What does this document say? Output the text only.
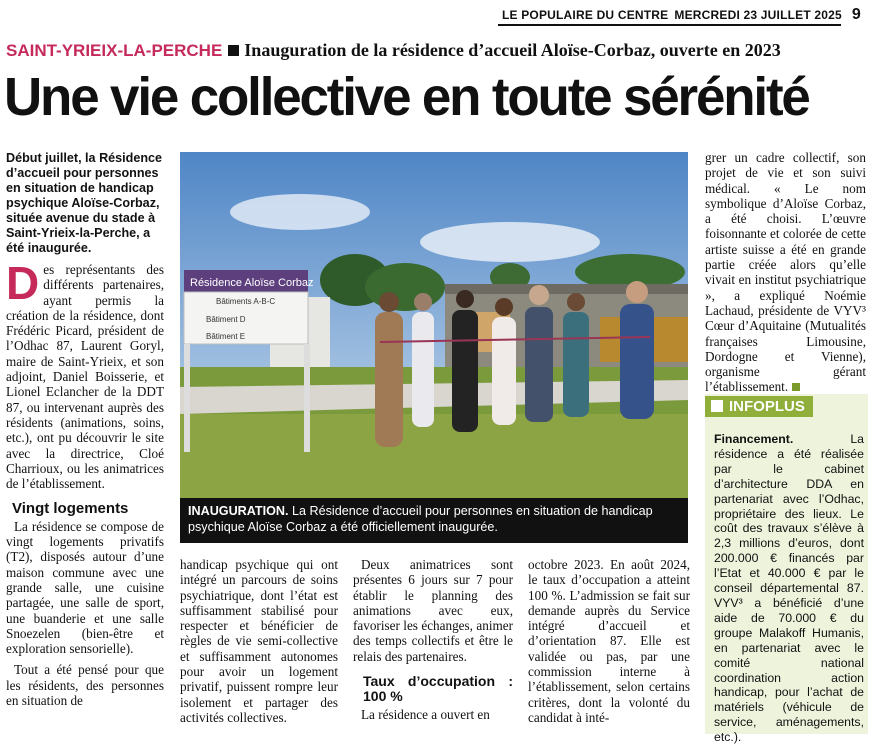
LE POPULAIRE DU CENTRE MERCREDI 23 JUILLET 2025 9
SAINT-YRIEIX-LA-PERCHE Inauguration de la résidence d’accueil Aloïse-Corbaz, ouverte en 2023
Une vie collective en toute sérénité
Début juillet, la Résidence d’accueil pour personnes en situation de handicap psychique Aloïse-Corbaz, située avenue du stade à Saint-Yrieix-la-Perche, a été inaugurée.

Des représentants des différents partenaires, ayant permis la création de la résidence, dont Frédéric Picard, président de l’Odhac 87, Laurent Goryl, maire de Saint-Yrieix, et son adjoint, Daniel Boisserie, et Lionel Eclancher de la DDT 87, ou intervenant auprès des résidents (animations, soins, etc.), ont pu découvrir le site avec la directrice, Cloé Charrioux, ou les animatrices de l’établissement.

Vingt logements

La résidence se compose de vingt logements privatifs (T2), disposés autour d’une maison commune avec une grande salle, une cuisine partagée, une salle de sport, une buanderie et une salle Snoezelen (bien-être et exploration sensorielle).

Tout a été pensé pour que les résidents, des personnes en situation de

Résidence Aloïse Corbaz
Bâtiments A-B-C
Bâtiment D
Bâtiment E
INAUGURATION. La Résidence d’accueil pour personnes en situation de handicap psychique Aloïse Corbaz a été officiellement inaugurée.

handicap psychique qui ont intégré un parcours de soins psychiatrique, dont l’état est suffisamment stabilisé pour respecter et bénéficier de règles de vie semi-collective et suffisamment autonomes pour avoir un logement privatif, puissent rompre leur isolement et partager des activités collectives.

Deux animatrices sont présentes 6 jours sur 7 pour établir le planning des animations avec eux, favoriser les échanges, animer des temps collectifs et être le relais des partenaires.

Taux d’occupation : 100 %

La résidence a ouvert en

octobre 2023. En août 2024, le taux d’occupation a atteint 100 %. L’admission se fait sur demande auprès du Service intégré d’accueil et d’orientation 87. Elle est validée ou pas, par une commission interne à l’établissement, selon certains critères, dont la volonté du candidat à inté-

grer un cadre collectif, son projet de vie et son suivi médical. « Le nom symbolique d’Aloïse Corbaz, a été choisi. L’œuvre foisonnante et colorée de cette artiste suisse a été en grande partie créée alors qu’elle vivait en institut psychiatrique », a expliqué Noémie Lachaud, présidente de VYV³ Cœur d’Aquitaine (Mutualités françaises Limousine, Dordogne et Vienne), organisme gérant l’établissement.

INFOPLUS
Financement.	La résidence a été réalisée par le cabinet d’architecture DDA en partenariat avec l’Odhac, propriétaire des lieux. Le coût des travaux s’élève à 2,3 millions d’euros, dont 200.000 € financés par l’Etat et 40.000 € par le conseil départemental 87. VYV³ a bénéficié d’une aide de 70.000 € du groupe Malakoff Humanis, en partenariat avec le comité national coordination action handicap, pour l’achat de matériels (véhicule de service, aménagements, etc.).
